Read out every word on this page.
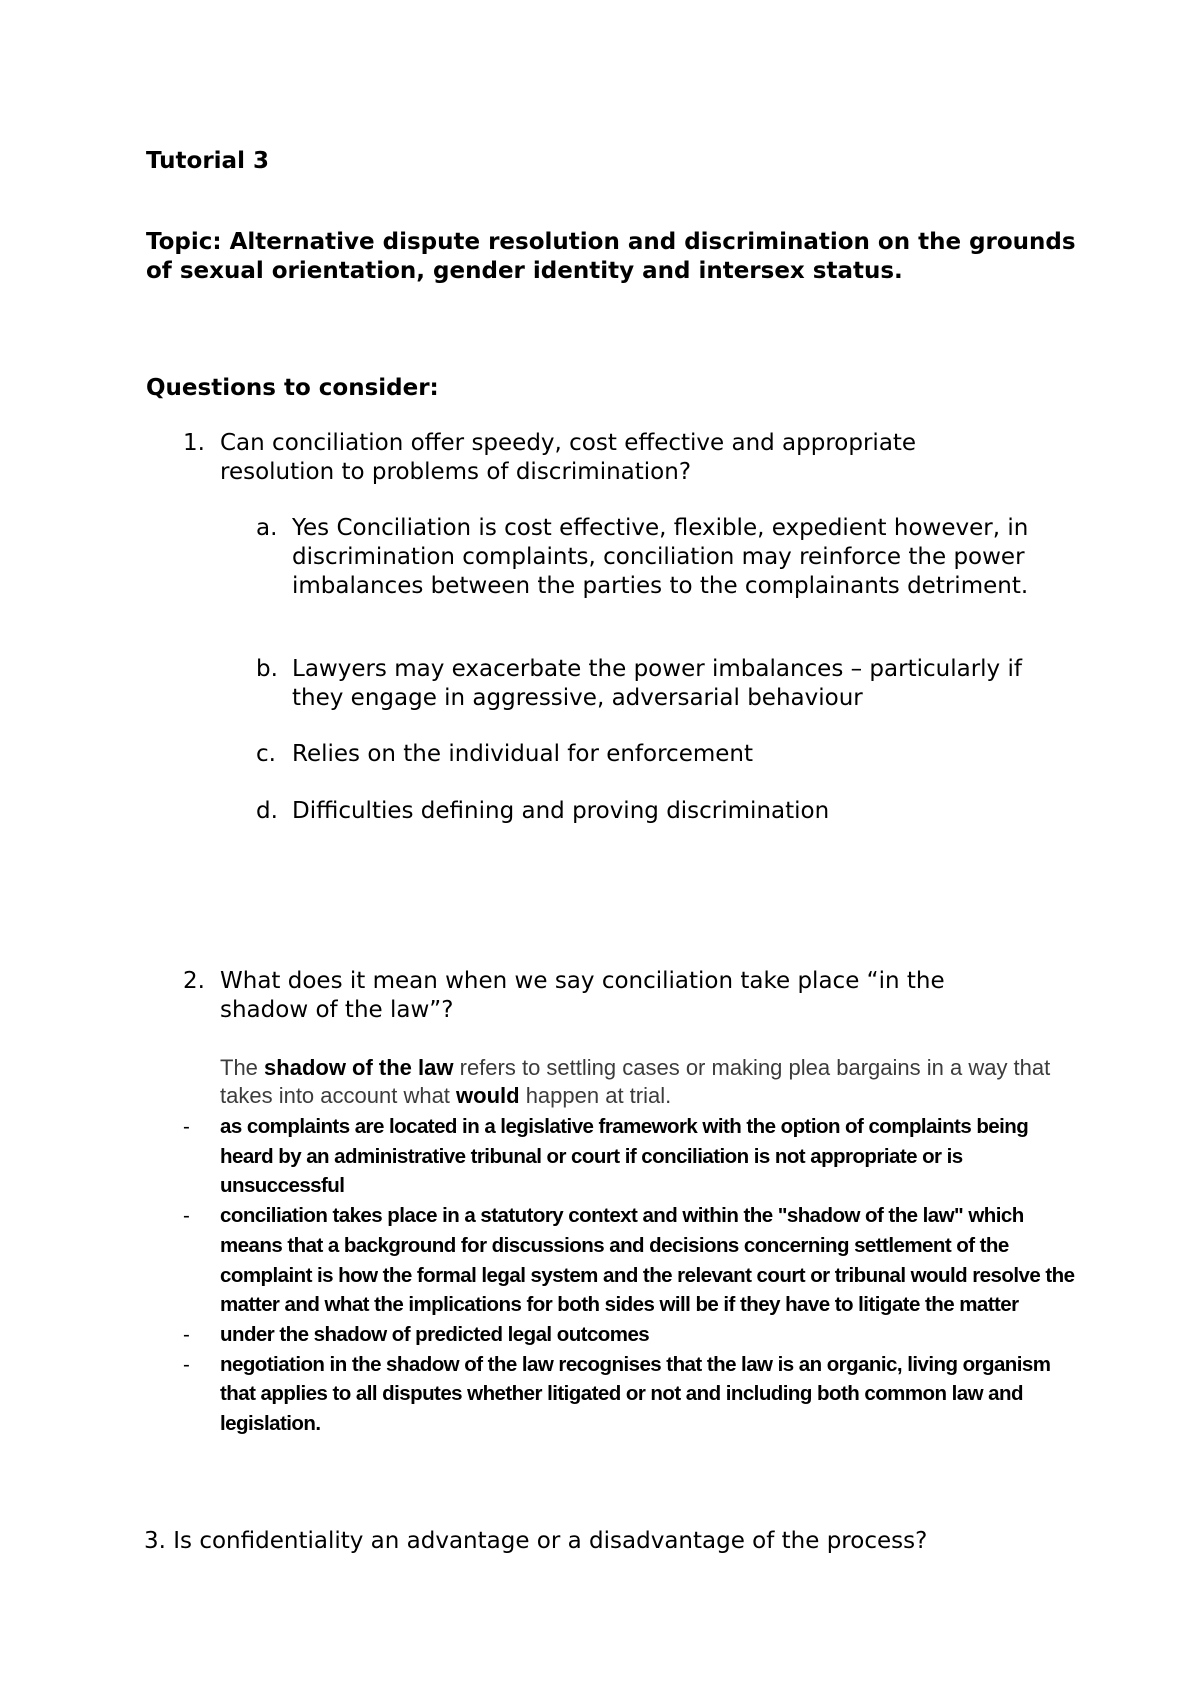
Tutorial 3

Topic: Alternative dispute resolution and discrimination on the grounds of sexual orientation, gender identity and intersex status.

Questions to consider:

1. Can conciliation offer speedy, cost effective and appropriate
resolution to problems of discrimination?
a. Yes Conciliation is cost effective, flexible, expedient however, in discrimination complaints, conciliation may reinforce the power imbalances between the parties to the complainants detriment.
b. Lawyers may exacerbate the power imbalances – particularly if they engage in aggressive, adversarial behaviour
c. Relies on the individual for enforcement
d. Difficulties defining and proving discrimination
2. What does it mean when we say conciliation take place “in the
shadow of the law”?

The shadow of the law refers to settling cases or making plea bargains in a way that takes into account what would happen at trial.

- as complaints are located in a legislative framework with the option of complaints being heard by an administrative tribunal or court if conciliation is not appropriate or is unsuccessful
- conciliation takes place in a statutory context and within the "shadow of the law" which means that a background for discussions and decisions concerning settlement of the complaint is how the formal legal system and the relevant court or tribunal would resolve the matter and what the implications for both sides will be if they have to litigate the matter
- under the shadow of predicted legal outcomes
- negotiation in the shadow of the law recognises that the law is an organic, living organism that applies to all disputes whether litigated or not and including both common law and legislation.

3. Is confidentiality an advantage or a disadvantage of the process?
